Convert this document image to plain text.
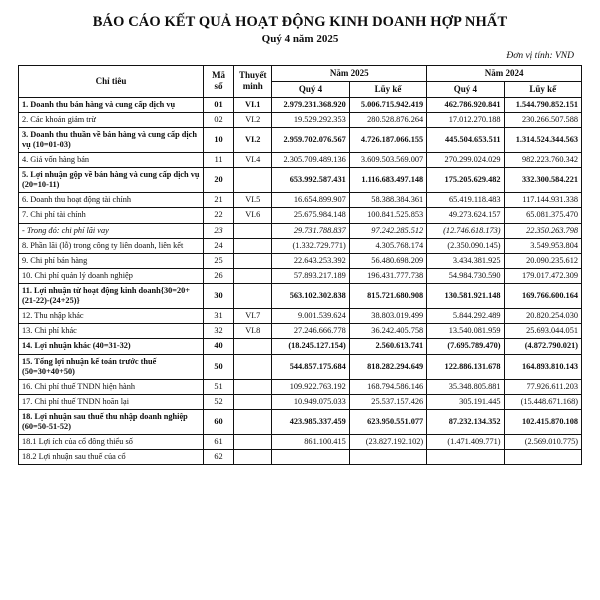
BÁO CÁO KẾT QUẢ HOẠT ĐỘNG KINH DOANH HỢP NHẤT
Quý 4 năm 2025
Đơn vị tính: VND
Chỉ tiêu	Mã số	Thuyết minh	Năm 2025		Năm 2024	
			Quý 4	Lũy kế	Quý 4	Lũy kế
1. Doanh thu bán hàng và cung cấp dịch vụ	01	VI.1	2.979.231.368.920	5.006.715.942.419	462.786.920.841	1.544.790.852.151
2. Các khoản giảm trừ	02	VI.2	19.529.292.353	280.528.876.264	17.012.270.188	230.266.507.588
3. Doanh thu thuần về bán hàng và cung cấp dịch vụ (10=01-03)	10	VI.2	2.959.702.076.567	4.726.187.066.155	445.504.653.511	1.314.524.344.563
4. Giá vốn hàng bán	11	VI.4	2.305.709.489.136	3.609.503.569.007	270.299.024.029	982.223.760.342
5. Lợi nhuận gộp về bán hàng và cung cấp dịch vụ (20=10-11)	20		653.992.587.431	1.116.683.497.148	175.205.629.482	332.300.584.221
6. Doanh thu hoạt động tài chính	21	VI.5	16.654.899.907	58.388.384.361	65.419.118.483	117.144.931.338
7. Chi phí tài chính	22	VI.6	25.675.984.148	100.841.525.853	49.273.624.157	65.081.375.470
- Trong đó: chi phí lãi vay	23		29.731.788.837	97.242.285.512	(12.746.618.173)	22.350.263.798
8. Phần lãi (lỗ) trong công ty liên doanh, liên kết	24		(1.332.729.771)	4.305.768.174	(2.350.090.145)	3.549.953.804
9. Chi phí bán hàng	25		22.643.253.392	56.480.698.209	3.434.381.925	20.090.235.612
10. Chi phí quản lý doanh nghiệp	26		57.893.217.189	196.431.777.738	54.984.730.590	179.017.472.309
11. Lợi nhuận từ hoạt động kinh doanh{30=20+(21-22)-(24+25)}	30		563.102.302.838	815.721.680.908	130.581.921.148	169.766.600.164
12. Thu nhập khác	31	VI.7	9.001.539.624	38.803.019.499	5.844.292.489	20.820.254.030
13. Chi phí khác	32	VI.8	27.246.666.778	36.242.405.758	13.540.081.959	25.693.044.051
14. Lợi nhuận khác (40=31-32)	40		(18.245.127.154)	2.560.613.741	(7.695.789.470)	(4.872.790.021)
15. Tổng lợi nhuận kế toán trước thuế (50=30+40+50)	50		544.857.175.684	818.282.294.649	122.886.131.678	164.893.810.143
16. Chi phí thuế TNDN hiện hành	51		109.922.763.192	168.794.586.146	35.348.805.881	77.926.611.203
17. Chi phí thuế TNDN hoãn lại	52		10.949.075.033	25.537.157.426	305.191.445	(15.448.671.168)
18. Lợi nhuận sau thuế thu nhập doanh nghiệp (60=50-51-52)	60		423.985.337.459	623.950.551.077	87.232.134.352	102.415.870.108
18.1 Lợi ích của cổ đông thiểu số	61		861.100.415	(23.827.192.102)	(1.471.409.771)	(2.569.010.775)
18.2 Lợi nhuận sau thuế của cổ	62					
